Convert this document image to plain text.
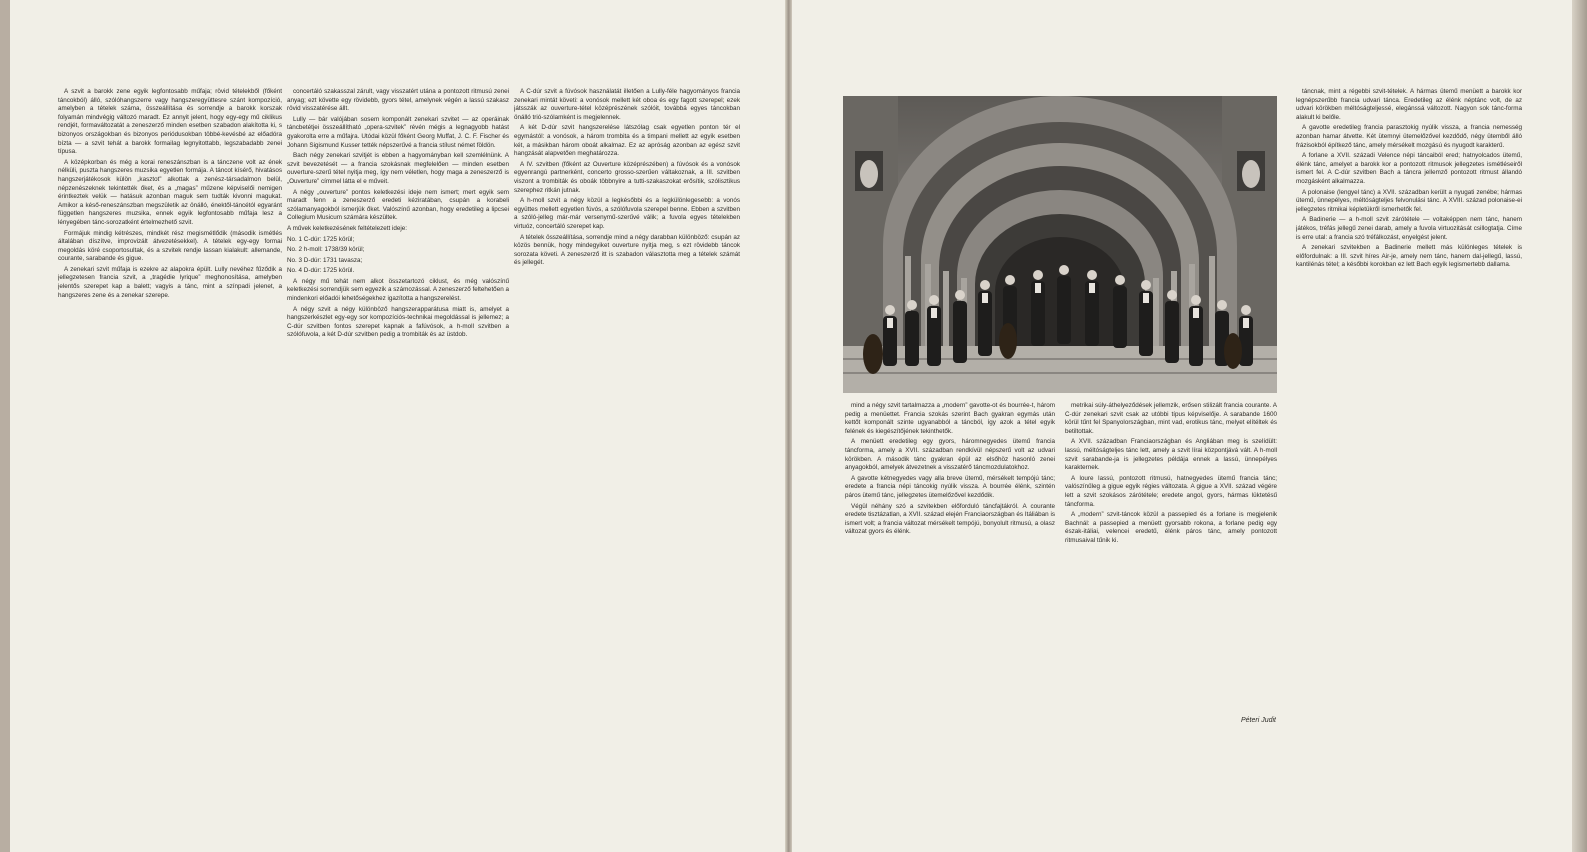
A szvit a barokk zene egyik legfontosabb műfaja; rövid tételekből (főként táncokból) álló, szólóhangszerre vagy hangszeregyüttesre szánt kompozíció, amelyben a tételek száma, összeállítása és sorrendje a barokk korszak folyamán mindvégig változó maradt. Ez annyit jelent, hogy egy-egy mű ciklikus rendjét, formaváltozatát a zeneszerző minden esetben szabadon alakította ki, s bizonyos országokban és bizonyos periódusokban többé-kevésbé az előadóra bízta — a szvit tehát a barokk formailag legnyitottabb, legszabadabb zenei típusa.

A középkorban és még a korai reneszánszban is a tánczene volt az ének nélküli, puszta hangszeres muzsika egyetlen formája. A táncot kísérő, hivatásos hangszerjátékosok külön „kasztot” alkottak a zenész-társadalmon belül, népzenészeknek tekintették őket, és a „magas” műzene képviselői nemigen érintkeztek velük — hatásuk azonban maguk sem tudták kivonni magukat. Amikor a késő-reneszánszban megszületik az önálló, énektől-táncétól egyaránt független hangszeres muzsika, ennek egyik legfontosabb műfaja lesz a lényegében tánc-sorozatként értelmezhető szvit.

Formájuk mindig kétrészes, mindkét rész megismétlődik (második ismétlés általában díszítve, improvizált átvezetésekkel). A tételek egy-egy formai megoldás köré csoportosultak, és a szvitek rendje lassan kialakult: allemande, courante, sarabande és gigue.

A zenekari szvit műfaja is ezekre az alapokra épült. Lully nevéhez fűződik a jellegzetesen francia szvit, a „tragédie lyrique” meghonosítása, amelyben jelentős szerepet kap a balett; vagyis a tánc, mint a színpadi jelenet, a hangszeres zene és a zenekar szerepe.

concertáló szakasszal zárult, vagy visszatért utána a pontozott ritmusú zenei anyag; ezt követte egy rövidebb, gyors tétel, amelynek végén a lassú szakasz rövid visszatérése állt.

Lully — bár valójában sosem komponált zenekari szvitet — az operáinak táncbetétjei összeállítható „opera-szvitek” révén mégis a legnagyobb hatást gyakorolta erre a műfajra. Utódai közül főként Georg Muffat, J. C. F. Fischer és Johann Sigismund Kusser tették népszerűvé a francia stílust német földön.

Bach négy zenekari szvitjét is ebben a hagyományban kell szemlélnünk. A szvit bevezetését — a francia szokásnak megfelelően — minden esetben ouverture-szerű tétel nyitja meg, így nem véletlen, hogy maga a zeneszerző is „Ouverture” címmel látta el e műveit.

A négy „ouverture” pontos keletkezési ideje nem ismert; mert egyik sem maradt fenn a zeneszerző eredeti kéziratában, csupán a korabeli szólamanyagokból ismerjük őket. Valószínű azonban, hogy eredetileg a lipcsei Collegium Musicum számára készültek.

A művek keletkezésének feltételezett ideje:

No. 1 C-dúr: 1725 körül;
No. 2 h-moll: 1738/39 körül;
No. 3 D-dúr: 1731 tavasza;
No. 4 D-dúr: 1725 körül.

A négy mű tehát nem alkot összetartozó ciklust, és még valószínű keletkezési sorrendjük sem egyezik a számozással. A zeneszerző feltehetően a mindenkori előadói lehetőségekhez igazította a hangszerelést.

A négy szvit a négy különböző hangszerapparátusa miatt is, amelyet a hangszerkészlet egy-egy sor kompozíciós-technikai megoldással is jellemez; a C-dúr szvitben fontos szerepet kapnak a fafúvósok, a h-moll szvitben a szólófuvola, a két D-dúr szvitben pedig a trombiták és az üstdob.

A C-dúr szvit a fúvósok használatát illetően a Lully-féle hagyományos francia zenekari mintát követi: a vonósok mellett két oboa és egy fagott szerepel; ezek játsszák az ouverture-tétel középrészének szólóit, továbbá egyes táncokban önálló trió-szólamként is megjelennek.

A két D-dúr szvit hangszerelése látszólag csak egyetlen ponton tér el egymástól: a vonósok, a három trombita és a timpani mellett az egyik esetben két, a másikban három oboát alkalmaz. Ez az apróság azonban az egész szvit hangzását alapvetően meghatározza.

A IV. szvitben (főként az Ouverture középrészében) a fúvósok és a vonósok egyenrangú partnerként, concerto grosso-szerűen váltakoznak, a III. szvitben viszont a trombiták és oboák többnyire a tutti-szakaszokat erősítik, szólisztikus szerephez ritkán jutnak.

A h-moll szvit a négy közül a legkésőbbi és a legkülönlegesebb: a vonós együttes mellett egyetlen fúvós, a szólófuvola szerepel benne. Ebben a szvitben a szóló-jelleg már-már versenymű-szerűvé válik; a fuvola egyes tételekben virtuóz, concertáló szerepet kap.

A tételek összeállítása, sorrendje mind a négy darabban különböző: csupán az közös bennük, hogy mindegyiket ouverture nyitja meg, s ezt rövidebb táncok sorozata követi. A zeneszerző itt is szabadon választotta meg a tételek számát és jellegét.

mind a négy szvit tartalmazza a „modern” gavotte-ot és bourrée-t, három pedig a menüettet. Francia szokás szerint Bach gyakran egymás után kettőt komponált szinte ugyanabból a táncból, így azok a tétel egyik felének és kiegészítőjének tekinthetők.

A menüett eredetileg egy gyors, háromnegyedes ütemű francia táncforma, amely a XVII. században rendkívül népszerű volt az udvari körökben. A második tánc gyakran épül az elsőhöz hasonló zenei anyagokból, amelyek átvezetnek a visszatérő táncmozdulatokhoz.

A gavotte kétnegyedes vagy alla breve ütemű, mérsékelt tempójú tánc; eredete a francia népi táncokig nyúlik vissza. A bourrée élénk, szintén páros ütemű tánc, jellegzetes ütemelőzővel kezdődik.

Végül néhány szó a szvitekben előforduló táncfajtákról. A courante eredete tisztázatlan, a XVII. század elején Franciaországban és Itáliában is ismert volt; a francia változat mérsékelt tempójú, bonyolult ritmusú, a olasz változat gyors és élénk.

metrikai súly-áthelyeződések jellemzik, erősen stilizált francia courante. A C-dúr zenekari szvit csak az utóbbi típus képviselője. A sarabande 1600 körül tűnt fel Spanyolországban, mint vad, erotikus tánc, melyet elítéltek és betiltottak.

A XVII. században Franciaországban és Angliában meg is szelídült: lassú, méltóságteljes tánc lett, amely a szvit lírai központjává vált. A h-moll szvit sarabande-ja is jellegzetes példája ennek a lassú, ünnepélyes karakternek.

A loure lassú, pontozott ritmusú, hatnegyedes ütemű francia tánc; valószínűleg a gigue egyik régies változata. A gigue a XVII. század végére lett a szvit szokásos zárótétele; eredete angol, gyors, hármas lüktetésű táncforma.

A „modern” szvit-táncok közül a passepied és a forlane is megjelenik Bachnál: a passepied a menüett gyorsabb rokona, a forlane pedig egy észak-itáliai, velencei eredetű, élénk páros tánc, amely pontozott ritmusaival tűnik ki.

táncnak, mint a régebbi szvit-tételek. A hármas ütemű menüett a barokk kor legnépszerűbb francia udvari tánca. Eredetileg az élénk néptánc volt, de az udvari körökben méltóságteljessé, elegánssá változott. Nagyon sok tánc-forma alakult ki belőle.

A gavotte eredetileg francia parasztokig nyúlik vissza, a francia nemesség azonban hamar átvette. Két ütemnyi ütemelőzővel kezdődő, négy ütemből álló frázisokból építkező tánc, amely mérsékelt mozgású és nyugodt karakterű.

A forlane a XVII. századi Velence népi táncaiból ered; hatnyolcados ütemű, élénk tánc, amelyet a barokk kor a pontozott ritmusok jellegzetes ismétléseiről ismert fel. A C-dúr szvitben Bach a táncra jellemző pontozott ritmust állandó mozgásként alkalmazza.

A polonaise (lengyel tánc) a XVII. században került a nyugati zenébe; hármas ütemű, ünnepélyes, méltóságteljes felvonulási tánc. A XVIII. század polonaise-ei jellegzetes ritmikai képletükről ismerhetők fel.

A Badinerie — a h-moll szvit zárótétele — voltaképpen nem tánc, hanem játékos, tréfás jellegű zenei darab, amely a fuvola virtuozitását csillogtatja. Címe is erre utal: a francia szó tréfálkozást, enyelgést jelent.

A zenekari szvitekben a Badinerie mellett más különleges tételek is előfordulnak: a III. szvit híres Air-je, amely nem tánc, hanem dal-jellegű, lassú, kantilénás tétel; a későbbi korokban ez lett Bach egyik legismertebb dallama.

Péteri Judit
